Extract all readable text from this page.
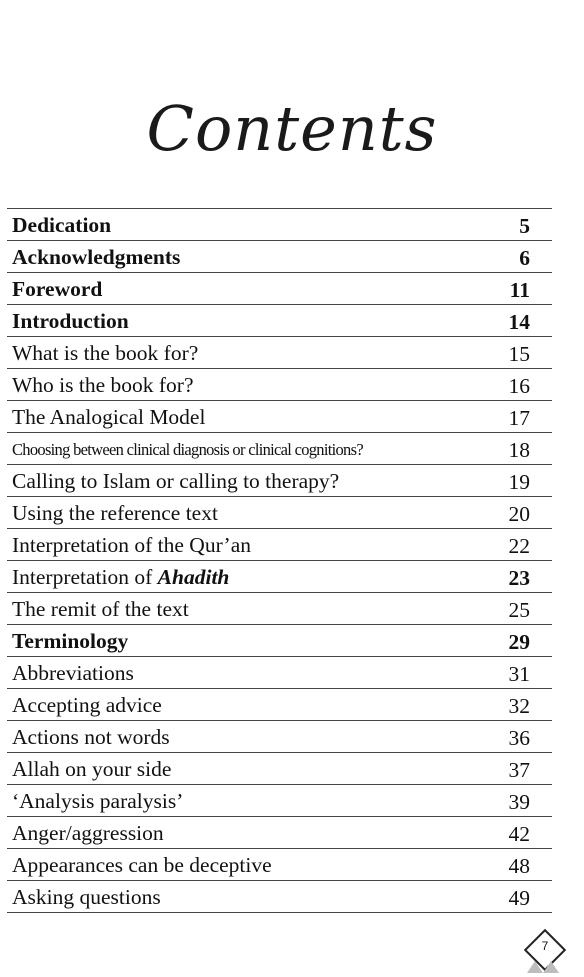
Contents
Dedication	5
Acknowledgments	6
Foreword	11
Introduction	14
What is the book for?	15
Who is the book for?	16
The Analogical Model	17
Choosing between clinical diagnosis or clinical cognitions?	18
Calling to Islam or calling to therapy?	19
Using the reference text	20
Interpretation of the Qur’an	22
Interpretation of Ahadith	23
The remit of the text	25
Terminology	29
Abbreviations	31
Accepting advice	32
Actions not words	36
Allah on your side	37
‘Analysis paralysis’	39
Anger/aggression	42
Appearances can be deceptive	48
Asking questions	49
7
